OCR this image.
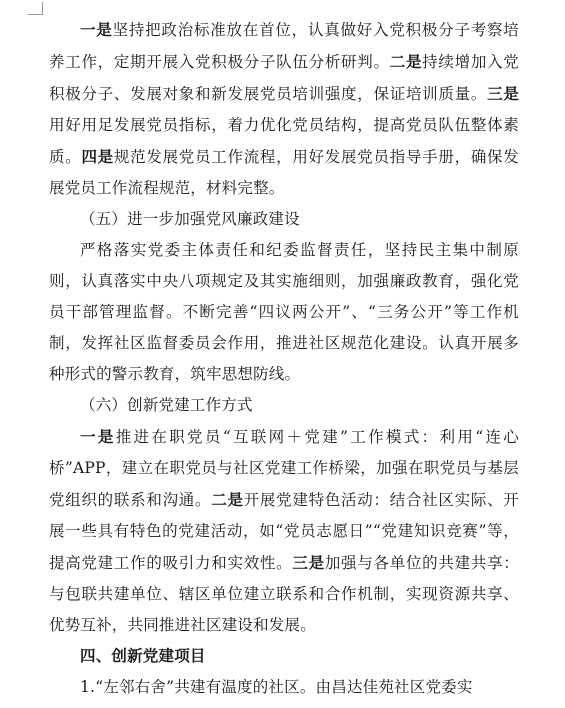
一是坚持把政治标准放在首位，认真做好入党积极分子考察培养工作，定期开展入党积极分子队伍分析研判。二是持续增加入党积极分子、发展对象和新发展党员培训强度，保证培训质量。三是用好用足发展党员指标，着力优化党员结构，提高党员队伍整体素质。四是规范发展党员工作流程，用好发展党员指导手册，确保发展党员工作流程规范，材料完整。

（五）进一步加强党风廉政建设

严格落实党委主体责任和纪委监督责任，坚持民主集中制原则，认真落实中央八项规定及其实施细则，加强廉政教育，强化党员干部管理监督。不断完善“四议两公开”、“三务公开”等工作机制，发挥社区监督委员会作用，推进社区规范化建设。认真开展多种形式的警示教育，筑牢思想防线。

（六）创新党建工作方式

一是推进在职党员“互联网＋党建”工作模式：利用“连心桥”APP，建立在职党员与社区党建工作桥梁，加强在职党员与基层党组织的联系和沟通。二是开展党建特色活动：结合社区实际、开展一些具有特色的党建活动，如“党员志愿日”“党建知识竞赛”等，提高党建工作的吸引力和实效性。三是加强与各单位的共建共享：与包联共建单位、辖区单位建立联系和合作机制，实现资源共享、优势互补，共同推进社区建设和发展。

四、创新党建项目

1.“左邻右舍”共建有温度的社区。由昌达佳苑社区党委实
